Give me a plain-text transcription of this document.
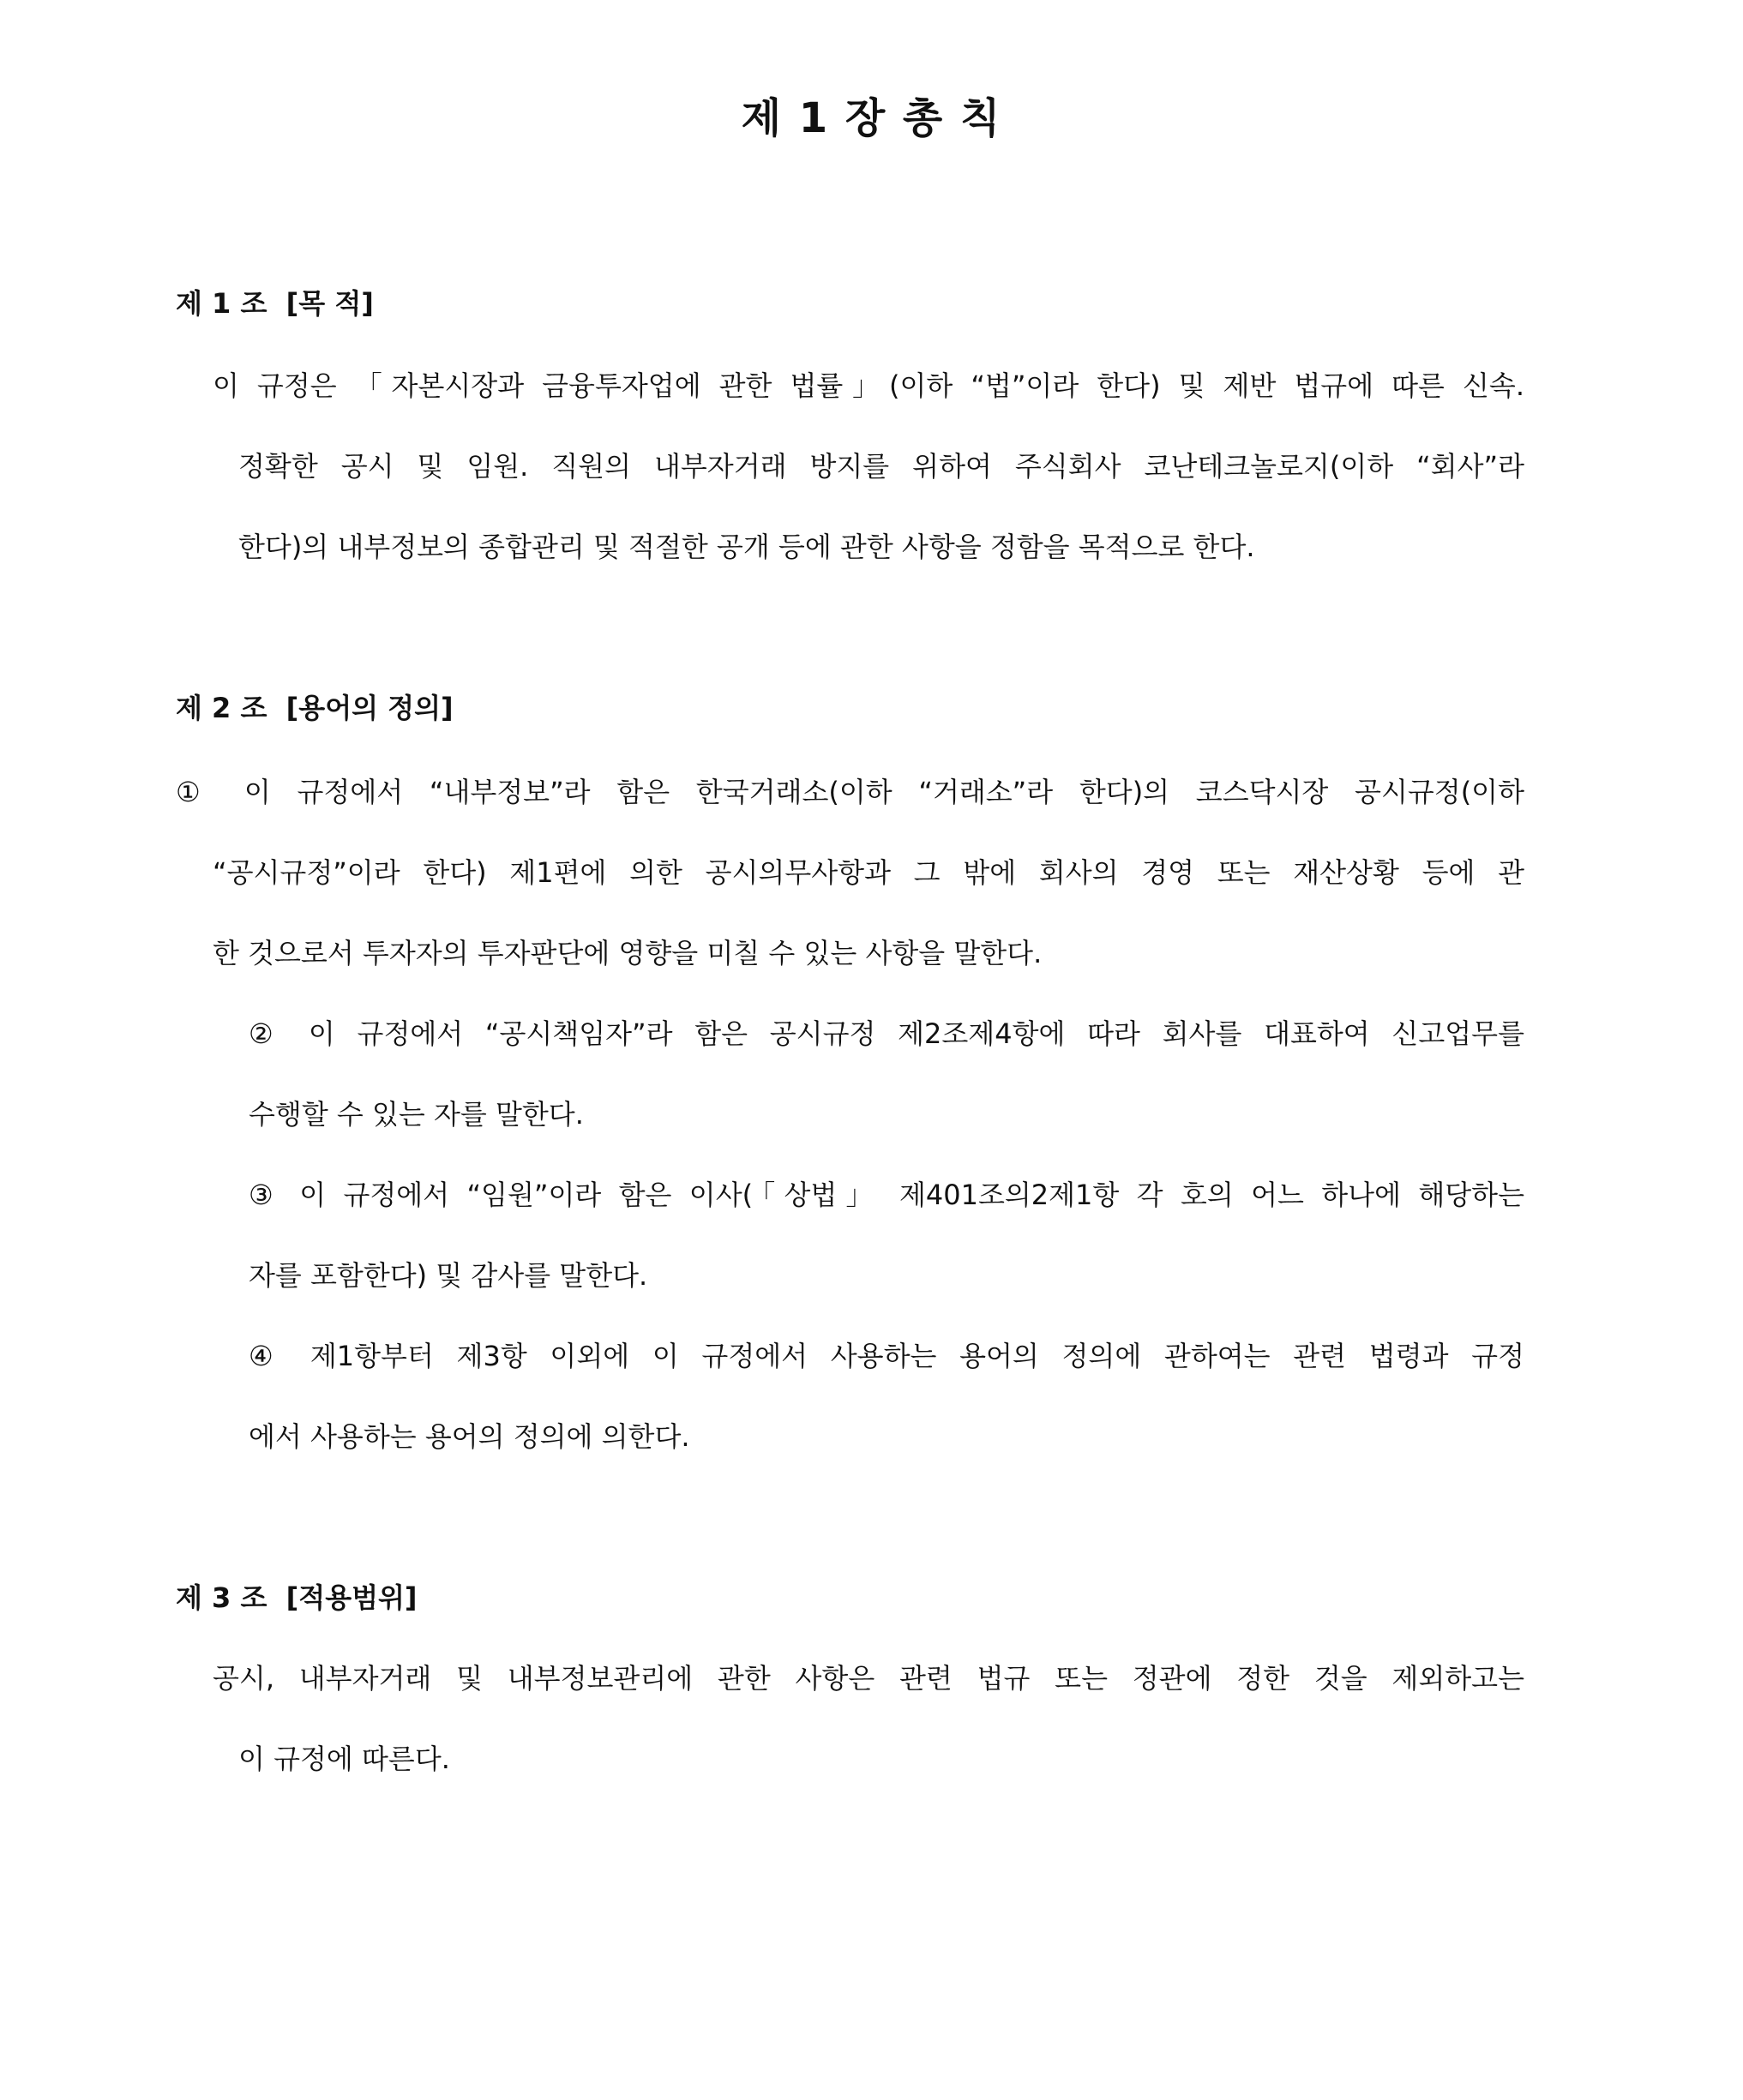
제 1 장 총 칙
제 1 조  [목 적]

이 규정은 「자본시장과 금융투자업에 관한 법률」(이하 “법”이라 한다) 및 제반 법규에 따른 신속.

정확한 공시 및 임원. 직원의 내부자거래 방지를 위하여 주식회사 코난테크놀로지(이하 “회사”라

한다)의 내부정보의 종합관리 및 적절한 공개 등에 관한 사항을 정함을 목적으로 한다.

제 2 조  [용어의 정의]

① 이 규정에서 “내부정보”라 함은 한국거래소(이하 “거래소”라 한다)의 코스닥시장 공시규정(이하

“공시규정”이라 한다) 제1편에 의한 공시의무사항과 그 밖에 회사의 경영 또는 재산상황 등에 관

한 것으로서 투자자의 투자판단에 영향을 미칠 수 있는 사항을 말한다.

② 이 규정에서 “공시책임자”라 함은 공시규정 제2조제4항에 따라 회사를 대표하여 신고업무를

수행할 수 있는 자를 말한다.

③ 이 규정에서 “임원”이라 함은 이사(「상법」 제401조의2제1항 각 호의 어느 하나에 해당하는

자를 포함한다) 및 감사를 말한다.

④ 제1항부터 제3항 이외에 이 규정에서 사용하는 용어의 정의에 관하여는 관련 법령과 규정

에서 사용하는 용어의 정의에 의한다.

제 3 조  [적용범위]

공시, 내부자거래 및 내부정보관리에 관한 사항은 관련 법규 또는 정관에 정한 것을 제외하고는

이 규정에 따른다.
